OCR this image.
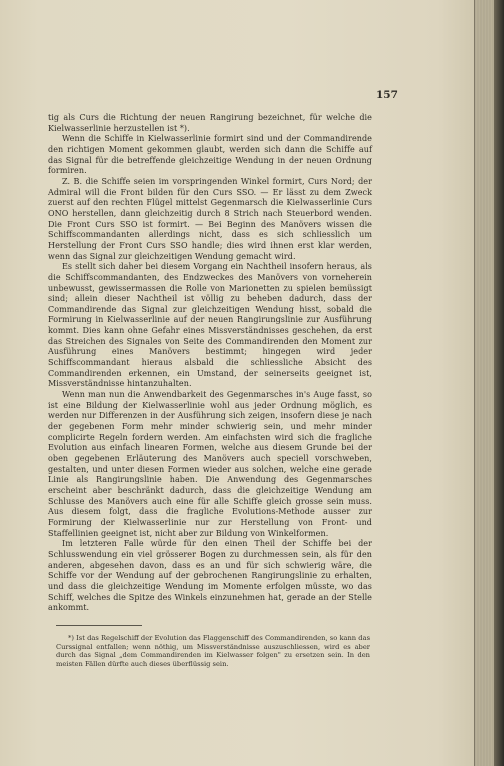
157

tig als Curs die Richtung der neuen Rangirung bezeichnet, für welche die Kielwasserlinie herzustellen ist *).

Wenn die Schiffe in Kielwasserlinie formirt sind und der Commandirende den richtigen Moment gekommen glaubt, werden sich dann die Schiffe auf das Signal für die betreffende gleichzeitige Wendung in der neuen Ordnung formiren.

Z. B. die Schiffe seien im vorspringenden Winkel formirt, Curs Nord; der Admiral will die Front bilden für den Curs SSO. — Er lässt zu dem Zweck zuerst auf den rechten Flügel mittelst Gegenmarsch die Kielwasserlinie Curs ONO herstellen, dann gleichzeitig durch 8 Strich nach Steuerbord wenden. Die Front Curs SSO ist formirt. — Bei Beginn des Manövers wissen die Schiffscommandanten allerdings nicht, dass es sich schliesslich um Herstellung der Front Curs SSO handle; dies wird ihnen erst klar werden, wenn das Signal zur gleichzeitigen Wendung gemacht wird.

Es stellt sich daher bei diesem Vorgang ein Nachtheil insofern heraus, als die Schiffscommandanten, des Endzweckes des Manövers von vorneherein unbewusst, gewissermassen die Rolle von Marionetten zu spielen bemüssigt sind; allein dieser Nachtheil ist völlig zu beheben dadurch, dass der Commandirende das Signal zur gleichzeitigen Wendung hisst, sobald die Formirung in Kielwasserlinie auf der neuen Rangirungslinie zur Ausführung kommt. Dies kann ohne Gefahr eines Missverständnisses geschehen, da erst das Streichen des Signales von Seite des Commandirenden den Moment zur Ausführung eines Manövers bestimmt; hingegen wird jeder Schiffscommandant hieraus alsbald die schliessliche Absicht des Commandirenden erkennen, ein Umstand, der seinerseits geeignet ist, Missverständnisse hintanzuhalten.

Wenn man nun die Anwendbarkeit des Gegenmarsches in's Auge fasst, so ist eine Bildung der Kielwasserlinie wohl aus jeder Ordnung möglich, es werden nur Differenzen in der Ausführung sich zeigen, insofern diese je nach der gegebenen Form mehr minder schwierig sein, und mehr minder complicirte Regeln fordern werden. Am einfachsten wird sich die fragliche Evolution aus einfach linearen Formen, welche aus diesem Grunde bei der oben gegebenen Erläuterung des Manövers auch speciell vorschweben, gestalten, und unter diesen Formen wieder aus solchen, welche eine gerade Linie als Rangirungslinie haben. Die Anwendung des Gegenmarsches erscheint aber beschränkt dadurch, dass die gleichzeitige Wendung am Schlusse des Manövers auch eine für alle Schiffe gleich grosse sein muss. Aus diesem folgt, dass die fragliche Evolutions-Methode ausser zur Formirung der Kielwasserlinie nur zur Herstellung von Front- und Staffellinien geeignet ist, nicht aber zur Bildung von Winkelformen.

Im letzteren Falle würde für den einen Theil der Schiffe bei der Schlusswendung ein viel grösserer Bogen zu durchmessen sein, als für den anderen, abgesehen davon, dass es an und für sich schwierig wäre, die Schiffe vor der Wendung auf der gebrochenen Rangirungslinie zu erhalten, und dass die gleichzeitige Wendung im Momente erfolgen müsste, wo das Schiff, welches die Spitze des Winkels einzunehmen hat, gerade an der Stelle ankommt.

*) Ist das Regelschiff der Evolution das Flaggenschiff des Commandirenden, so kann das Curssignal entfallen; wenn nöthig, um Missverständnisse auszuschliessen, wird es aber durch das Signal „dem Commandirenden im Kielwasser folgen" zu ersetzen sein. In den meisten Fällen dürfte auch dieses überflüssig sein.
